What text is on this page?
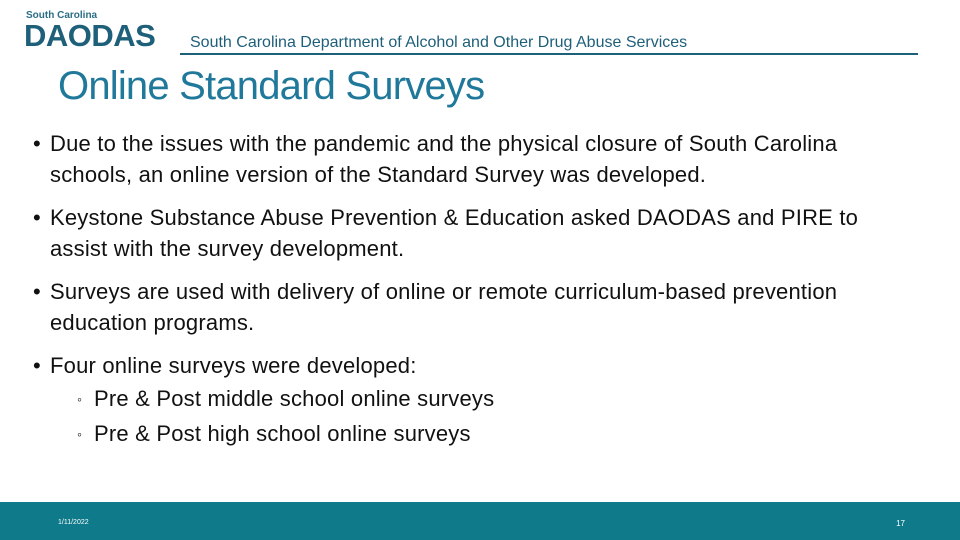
South Carolina
DAODAS South Carolina Department of Alcohol and Other Drug Abuse Services
Online Standard Surveys
• Due to the issues with the pandemic and the physical closure of South Carolina schools, an online version of the Standard Survey was developed.
• Keystone Substance Abuse Prevention & Education asked DAODAS and PIRE to assist with the survey development.
• Surveys are used with delivery of online or remote curriculum-based prevention education programs.
• Four online surveys were developed:
◦ Pre & Post middle school online surveys
◦ Pre & Post high school online surveys
1/11/2022	17
